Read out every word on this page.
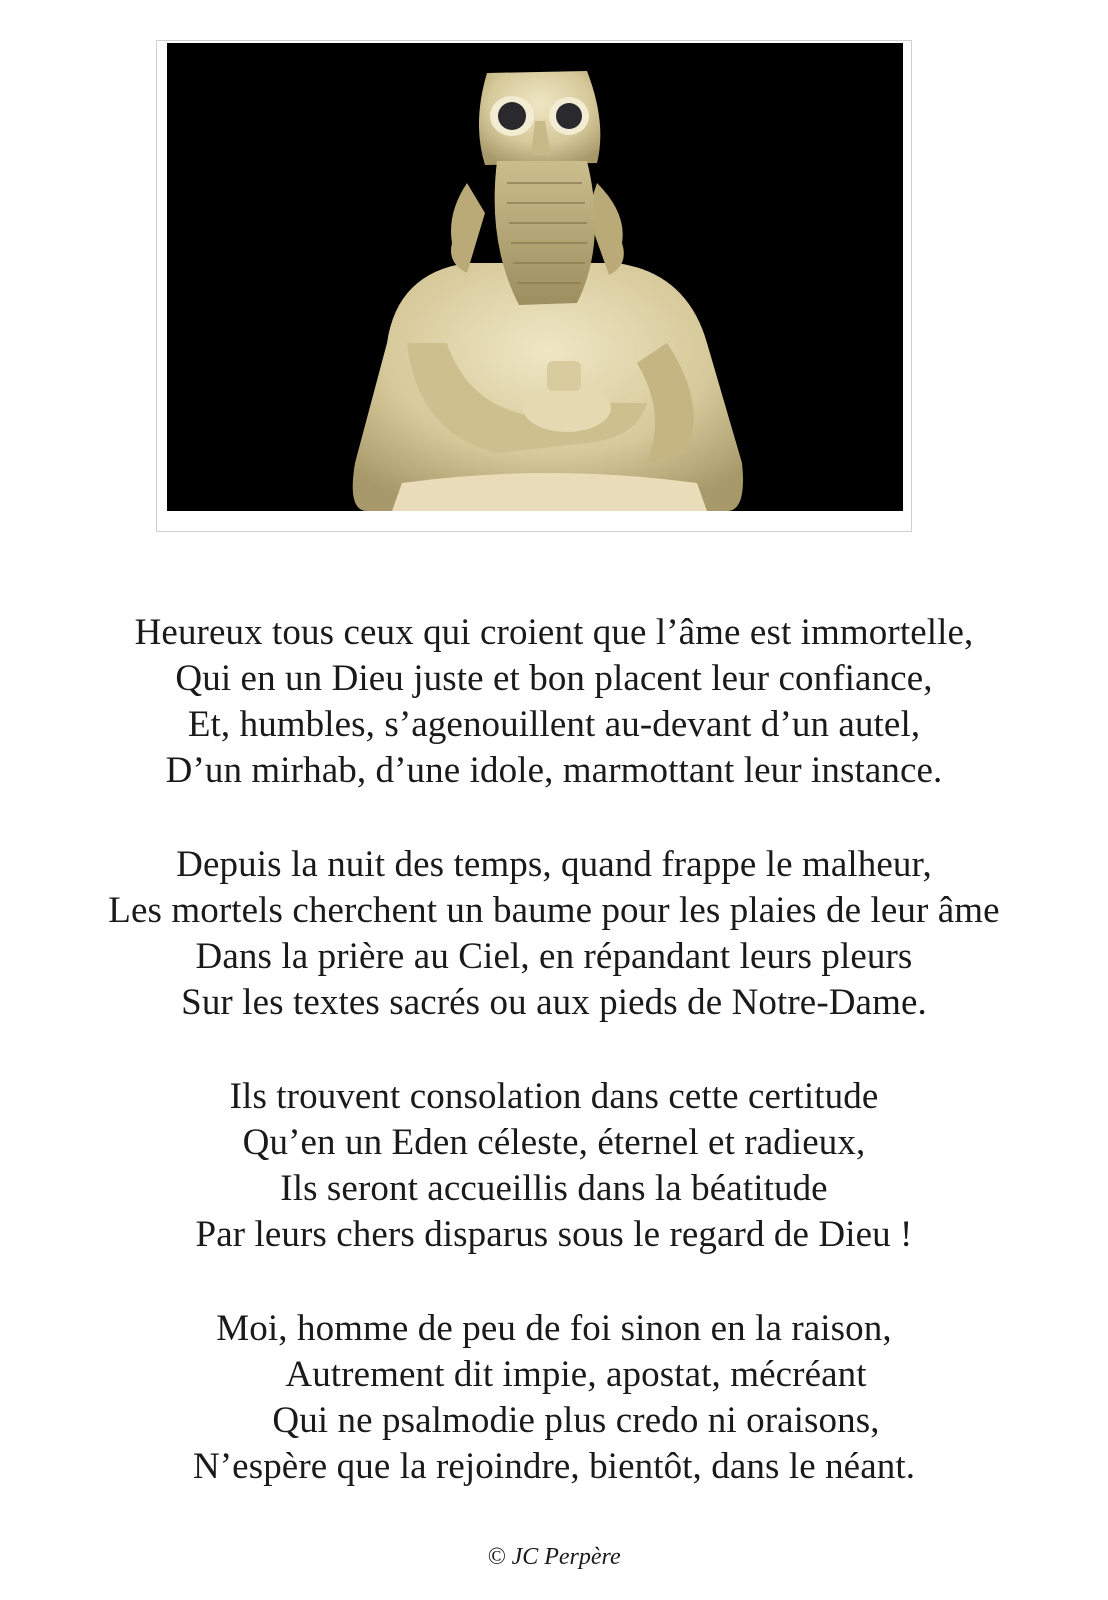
Heureux tous ceux qui croient que l’âme est immortelle,
Qui en un Dieu juste et bon placent leur confiance,
Et, humbles, s’agenouillent au-devant d’un autel,
D’un mirhab, d’une idole, marmottant leur instance.
Depuis la nuit des temps, quand frappe le malheur,
Les mortels cherchent un baume pour les plaies de leur âme
Dans la prière au Ciel, en répandant leurs pleurs
Sur les textes sacrés ou aux pieds de Notre-Dame.
Ils trouvent consolation dans cette certitude
Qu’en un Eden céleste, éternel et radieux,
Ils seront accueillis dans la béatitude
Par leurs chers disparus sous le regard de Dieu !
Moi, homme de peu de foi sinon en la raison,
Autrement dit impie, apostat, mécréant
Qui ne psalmodie plus credo ni oraisons,
N’espère que la rejoindre, bientôt, dans le néant.
© JC Perpère
